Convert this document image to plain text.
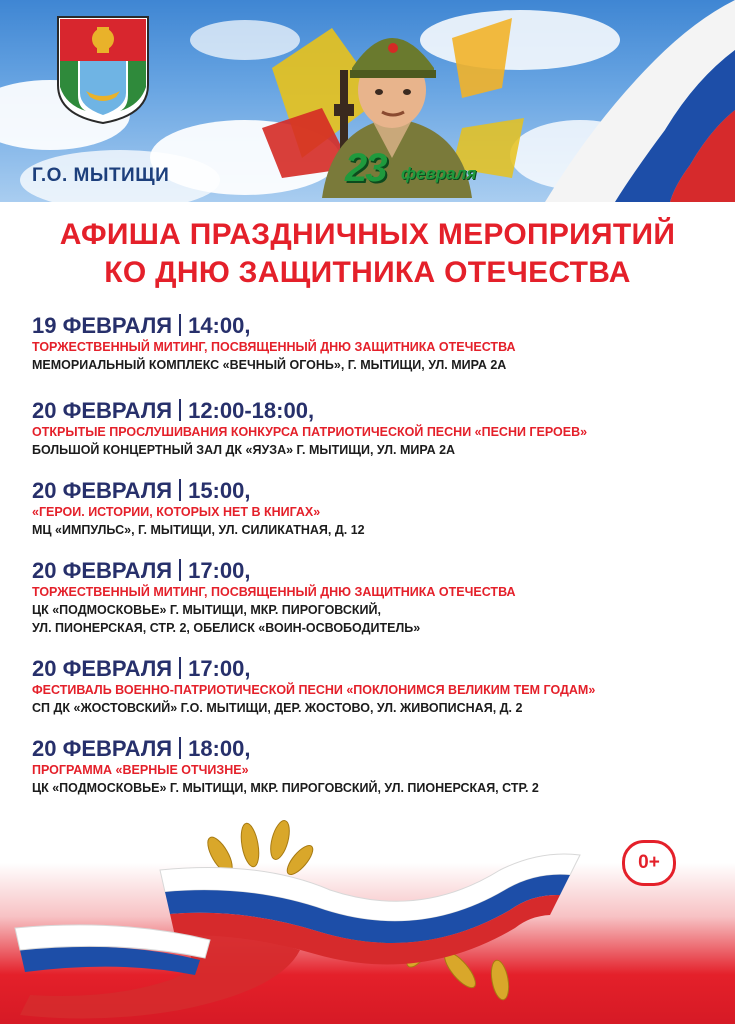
Г.О. МЫТИЩИ	23 февраля
АФИША ПРАЗДНИЧНЫХ МЕРОПРИЯТИЙ
КО ДНЮ ЗАЩИТНИКА ОТЕЧЕСТВА
19 ФЕВРАЛЯ 14:00,
ТОРЖЕСТВЕННЫЙ МИТИНГ, ПОСВЯЩЕННЫЙ ДНЮ ЗАЩИТНИКА ОТЕЧЕСТВА
МЕМОРИАЛЬНЫЙ КОМПЛЕКС «ВЕЧНЫЙ ОГОНЬ», Г. МЫТИЩИ, УЛ. МИРА 2А
20 ФЕВРАЛЯ 12:00-18:00,
ОТКРЫТЫЕ ПРОСЛУШИВАНИЯ КОНКУРСА ПАТРИОТИЧЕСКОЙ ПЕСНИ «ПЕСНИ ГЕРОЕВ»
БОЛЬШОЙ КОНЦЕРТНЫЙ ЗАЛ ДК «ЯУЗА» Г. МЫТИЩИ, УЛ. МИРА 2А
20 ФЕВРАЛЯ 15:00,
«ГЕРОИ. ИСТОРИИ, КОТОРЫХ НЕТ В КНИГАХ»
МЦ «ИМПУЛЬС», Г. МЫТИЩИ, УЛ. СИЛИКАТНАЯ, Д. 12
20 ФЕВРАЛЯ 17:00,
ТОРЖЕСТВЕННЫЙ МИТИНГ, ПОСВЯЩЕННЫЙ ДНЮ ЗАЩИТНИКА ОТЕЧЕСТВА
ЦК «ПОДМОСКОВЬЕ» Г. МЫТИЩИ, МКР. ПИРОГОВСКИЙ,
УЛ. ПИОНЕРСКАЯ, СТР. 2, ОБЕЛИСК «ВОИН-ОСВОБОДИТЕЛЬ»
20 ФЕВРАЛЯ 17:00,
ФЕСТИВАЛЬ ВОЕННО-ПАТРИОТИЧЕСКОЙ ПЕСНИ «ПОКЛОНИМСЯ ВЕЛИКИМ ТЕМ ГОДАМ»
СП ДК «ЖОСТОВСКИЙ» Г.О. МЫТИЩИ, ДЕР. ЖОСТОВО, УЛ. ЖИВОПИСНАЯ, Д. 2
20 ФЕВРАЛЯ 18:00,
ПРОГРАММА «ВЕРНЫЕ ОТЧИЗНЕ»
ЦК «ПОДМОСКОВЬЕ» Г. МЫТИЩИ, МКР. ПИРОГОВСКИЙ, УЛ. ПИОНЕРСКАЯ, СТР. 2
0+
